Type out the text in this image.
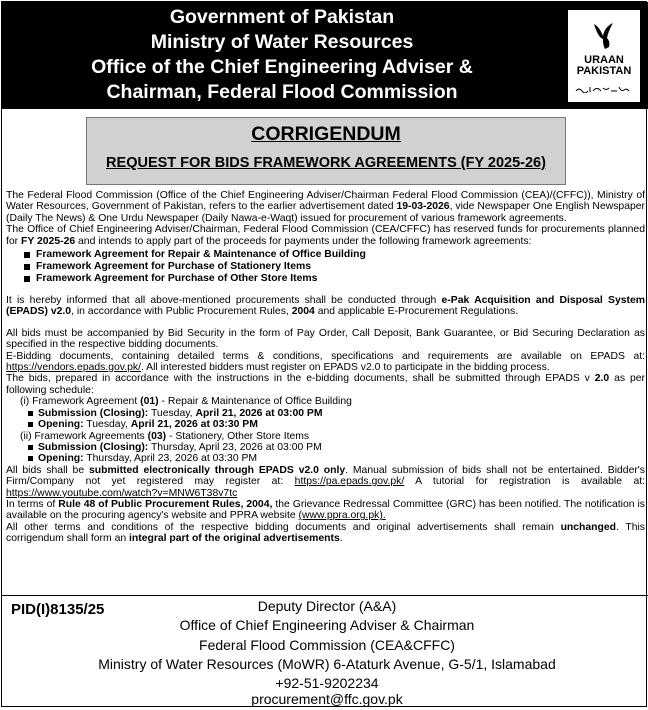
Government of Pakistan
Ministry of Water Resources
Office of the Chief Engineering Adviser &
Chairman, Federal Flood Commission
URAAN
PAKISTAN
CORRIGENDUM
REQUEST FOR BIDS FRAMEWORK AGREEMENTS (FY 2025-26)

The Federal Flood Commission (Office of the Chief Engineering Adviser/Chairman Federal Flood Commission (CEA)/(CFFC)), Ministry of Water Resources, Government of Pakistan, refers to the earlier advertisement dated 19-03-2026, vide Newspaper One English Newspaper (Daily The News) & One Urdu Newspaper (Daily Nawa-e-Waqt) issued for procurement of various framework agreements.

The Office of Chief Engineering Adviser/Chairman, Federal Flood Commission (CEA/CFFC) has reserved funds for procurements planned for FY 2025-26 and intends to apply part of the proceeds for payments under the following framework agreements:

Framework Agreement for Repair & Maintenance of Office Building
Framework Agreement for Purchase of Stationery Items
Framework Agreement for Purchase of Other Store Items

It is hereby informed that all above-mentioned procurements shall be conducted through e-Pak Acquisition and Disposal System (EPADS) v2.0, in accordance with Public Procurement Rules, 2004 and applicable E-Procurement Regulations.

All bids must be accompanied by Bid Security in the form of Pay Order, Call Deposit, Bank Guarantee, or Bid Securing Declaration as specified in the respective bidding documents.

E-Bidding documents, containing detailed terms & conditions, specifications and requirements are available on EPADS at: https://vendors.epads.gov.pk/. All interested bidders must register on EPADS v2.0 to participate in the bidding process.

The bids, prepared in accordance with the instructions in the e-bidding documents, shall be submitted through EPADS v 2.0 as per following schedule:

(i) Framework Agreement (01) - Repair & Maintenance of Office Building
Submission (Closing): Tuesday, April 21, 2026 at 03:00 PM
Opening: Tuesday, April 21, 2026 at 03:30 PM
(ii) Framework Agreements (03) - Stationery, Other Store Items
Submission (Closing): Thursday, April 23, 2026 at 03:00 PM
Opening: Thursday, April 23, 2026 at 03:30 PM

All bids shall be submitted electronically through EPADS v2.0 only. Manual submission of bids shall not be entertained. Bidder's Firm/Company not yet registered may register at: https://pa.epads.gov.pk/ A tutorial for registration is available at: https://www.youtube.com/watch?v=MNW6T38v7tc

In terms of Rule 48 of Public Procurement Rules, 2004, the Grievance Redressal Committee (GRC) has been notified. The notification is available on the procuring agency's website and PPRA website (www.ppra.org.pk).

All other terms and conditions of the respective bidding documents and original advertisements shall remain unchanged. This corrigendum shall form an integral part of the original advertisements.

PID(I)8135/25	Deputy Director (A&A)
Office of Chief Engineering Adviser & Chairman
Federal Flood Commission (CEA&CFFC)
Ministry of Water Resources (MoWR) 6-Ataturk Avenue, G-5/1, Islamabad
+92-51-9202234
procurement@ffc.gov.pk
